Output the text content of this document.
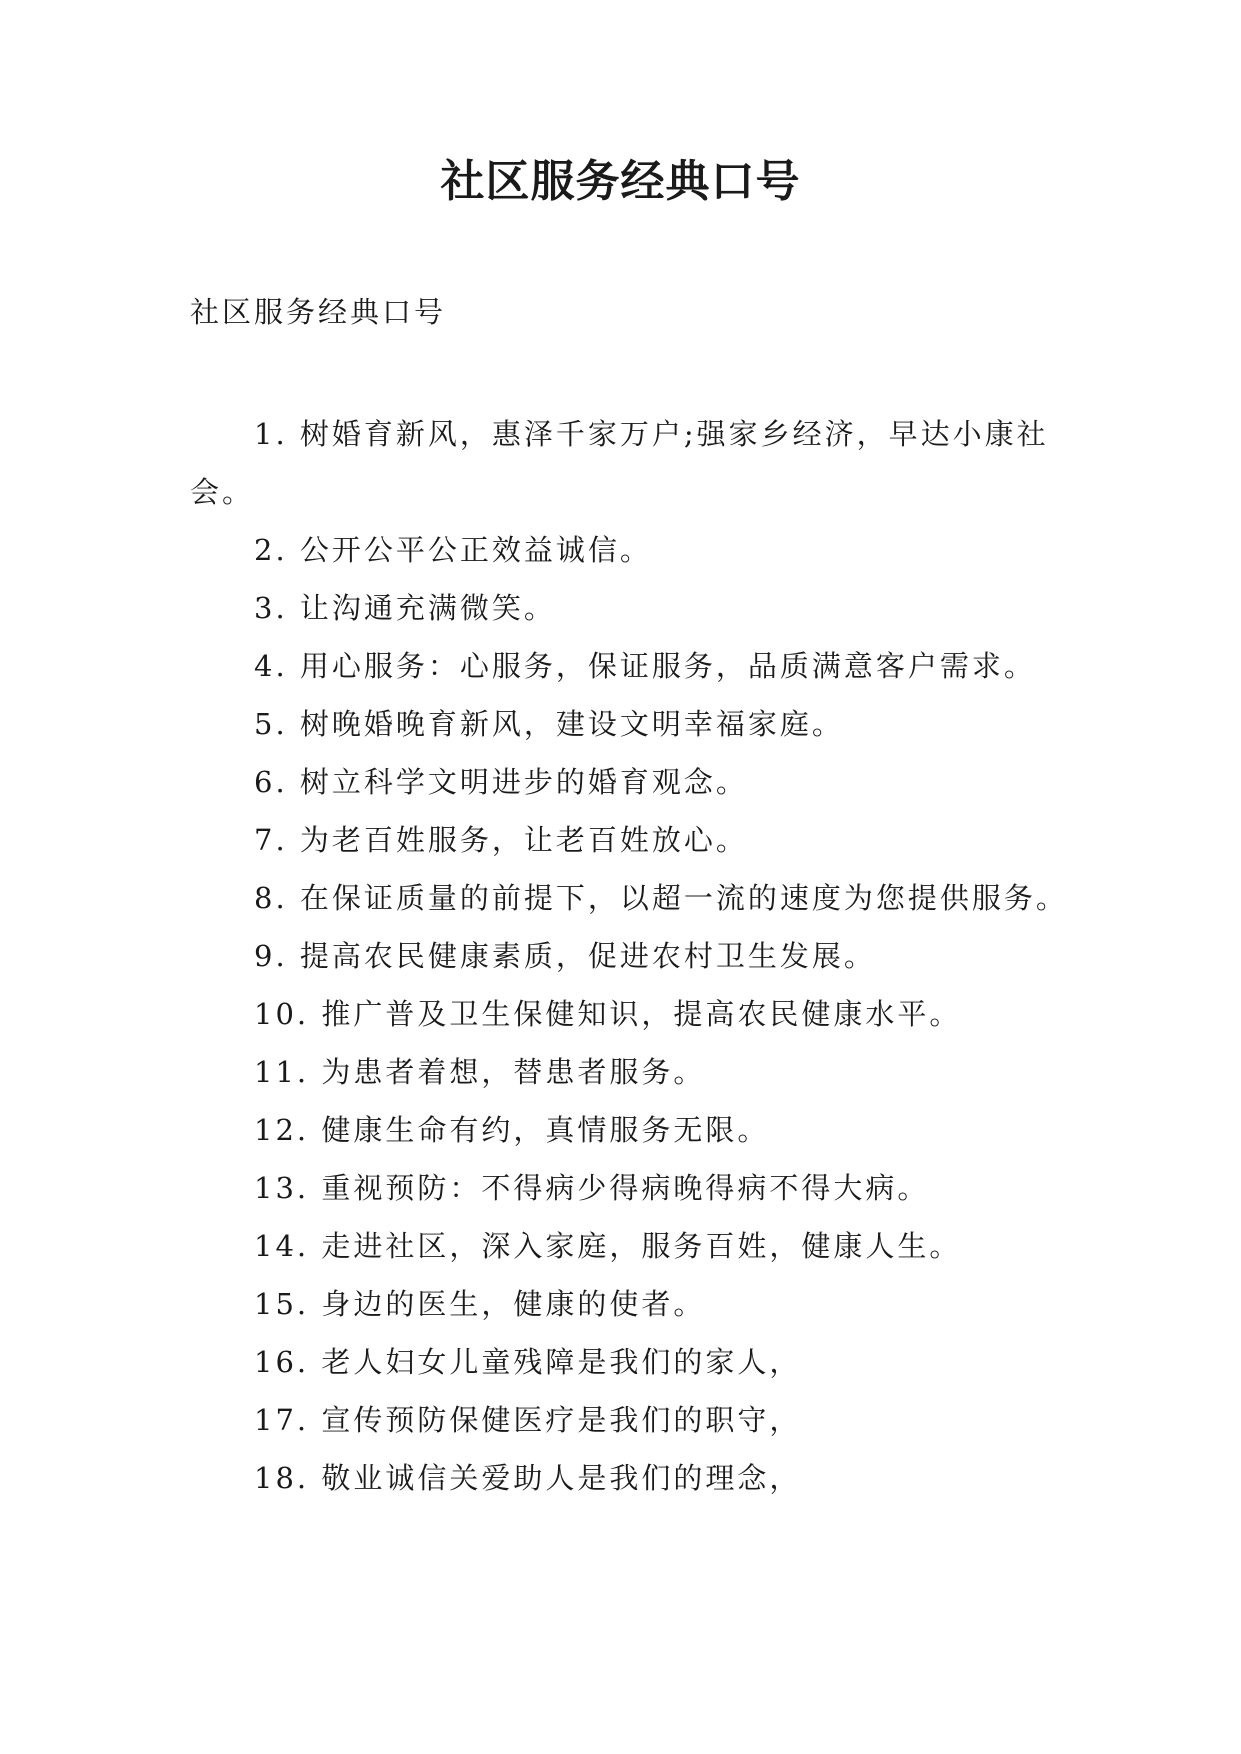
社区服务经典口号

社区服务经典口号

1. 树婚育新风，惠泽千家万户;强家乡经济，早达小康社会。
2. 公开公平公正效益诚信。
3. 让沟通充满微笑。
4. 用心服务：心服务，保证服务，品质满意客户需求。
5. 树晚婚晚育新风，建设文明幸福家庭。
6. 树立科学文明进步的婚育观念。
7. 为老百姓服务，让老百姓放心。
8. 在保证质量的前提下，以超一流的速度为您提供服务。
9. 提高农民健康素质，促进农村卫生发展。
10. 推广普及卫生保健知识，提高农民健康水平。
11. 为患者着想，替患者服务。
12. 健康生命有约，真情服务无限。
13. 重视预防：不得病少得病晚得病不得大病。
14. 走进社区，深入家庭，服务百姓，健康人生。
15. 身边的医生，健康的使者。
16. 老人妇女儿童残障是我们的家人，
17. 宣传预防保健医疗是我们的职守，
18. 敬业诚信关爱助人是我们的理念，
